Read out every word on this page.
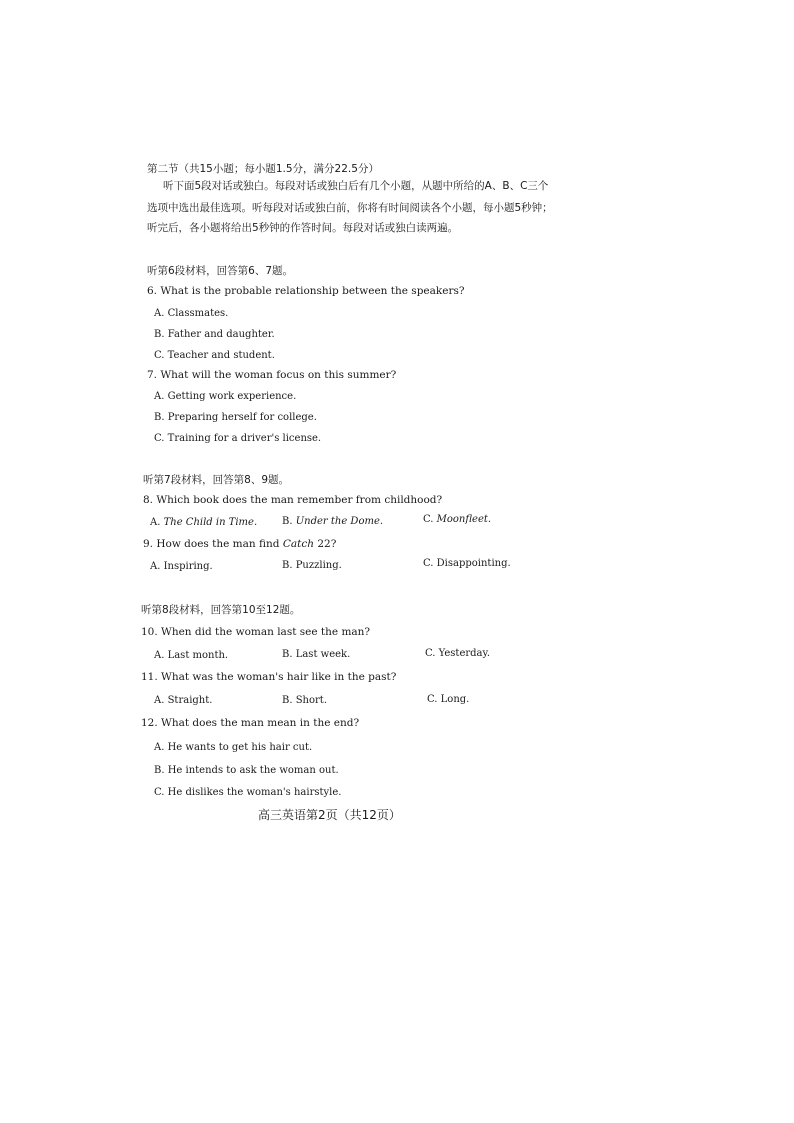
第二节（共15小题；每小题1.5分，满分22.5分）
听下面5段对话或独白。每段对话或独白后有几个小题，从题中所给的A、B、C三个
选项中选出最佳选项。听每段对话或独白前，你将有时间阅读各个小题，每小题5秒钟；
听完后，各小题将给出5秒钟的作答时间。每段对话或独白读两遍。
听第6段材料，回答第6、7题。
6. What is the probable relationship between the speakers?
A. Classmates.
B. Father and daughter.
C. Teacher and student.
7. What will the woman focus on this summer?
A. Getting work experience.
B. Preparing herself for college.
C. Training for a driver's license.
听第7段材料，回答第8、9题。
8. Which book does the man remember from childhood?
A. The Child in Time. B. Under the Dome.	C. Moonfleet.
9. How does the man find Catch 22?
A. Inspiring.	B. Puzzling.	C. Disappointing.
听第8段材料，回答第10至12题。
10. When did the woman last see the man?
A. Last month.	B. Last week.	C. Yesterday.
11. What was the woman's hair like in the past?
A. Straight.	B. Short.	C. Long.
12. What does the man mean in the end?
A. He wants to get his hair cut.
B. He intends to ask the woman out.
C. He dislikes the woman's hairstyle.
高三英语第2页（共12页）
